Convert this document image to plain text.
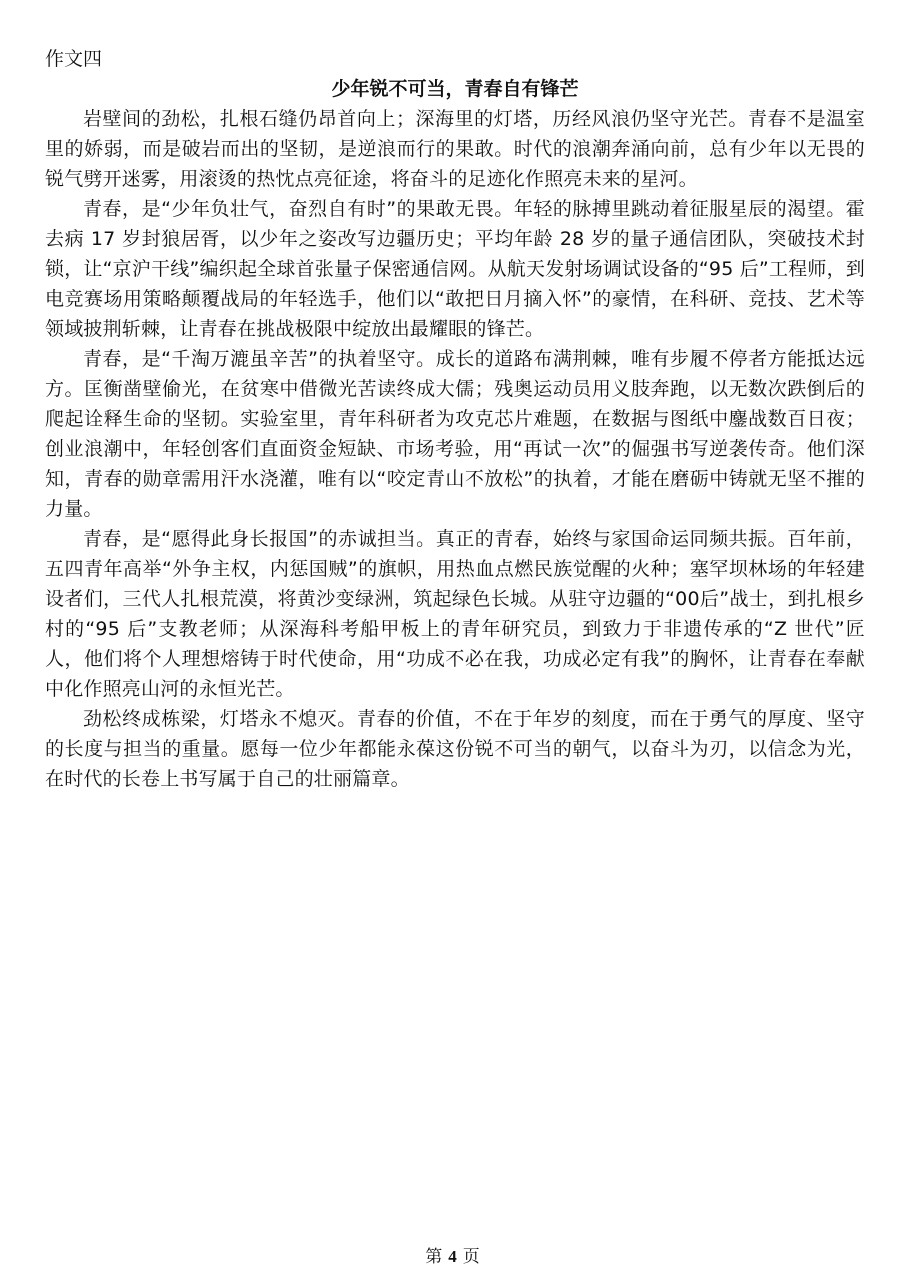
作文四

少年锐不可当，青春自有锋芒

岩壁间的劲松，扎根石缝仍昂首向上；深海里的灯塔，历经风浪仍坚守光芒。青春不是温室里的娇弱，而是破岩而出的坚韧，是逆浪而行的果敢。时代的浪潮奔涌向前，总有少年以无畏的锐气劈开迷雾，用滚烫的热忱点亮征途，将奋斗的足迹化作照亮未来的星河。

青春，是“少年负壮气，奋烈自有时”的果敢无畏。年轻的脉搏里跳动着征服星辰的渴望。霍去病 17 岁封狼居胥，以少年之姿改写边疆历史；平均年龄 28 岁的量子通信团队，突破技术封锁，让“京沪干线”编织起全球首张量子保密通信网。从航天发射场调试设备的“95 后”工程师，到电竞赛场用策略颠覆战局的年轻选手，他们以“敢把日月摘入怀”的豪情，在科研、竞技、艺术等领域披荆斩棘，让青春在挑战极限中绽放出最耀眼的锋芒。

青春，是“千淘万漉虽辛苦”的执着坚守。成长的道路布满荆棘，唯有步履不停者方能抵达远方。匡衡凿壁偷光，在贫寒中借微光苦读终成大儒；残奥运动员用义肢奔跑，以无数次跌倒后的爬起诠释生命的坚韧。实验室里，青年科研者为攻克芯片难题，在数据与图纸中鏖战数百日夜；创业浪潮中，年轻创客们直面资金短缺、市场考验，用“再试一次”的倔强书写逆袭传奇。他们深知，青春的勋章需用汗水浇灌，唯有以“咬定青山不放松”的执着，才能在磨砺中铸就无坚不摧的力量。

青春，是“愿得此身长报国”的赤诚担当。真正的青春，始终与家国命运同频共振。百年前，五四青年高举“外争主权，内惩国贼”的旗帜，用热血点燃民族觉醒的火种；塞罕坝林场的年轻建设者们，三代人扎根荒漠，将黄沙变绿洲，筑起绿色长城。从驻守边疆的“00后”战士，到扎根乡村的“95 后”支教老师；从深海科考船甲板上的青年研究员，到致力于非遗传承的“Z 世代”匠人，他们将个人理想熔铸于时代使命，用“功成不必在我，功成必定有我”的胸怀，让青春在奉献中化作照亮山河的永恒光芒。

劲松终成栋梁，灯塔永不熄灭。青春的价值，不在于年岁的刻度，而在于勇气的厚度、坚守的长度与担当的重量。愿每一位少年都能永葆这份锐不可当的朝气，以奋斗为刃，以信念为光，在时代的长卷上书写属于自己的壮丽篇章。

第 4 页
